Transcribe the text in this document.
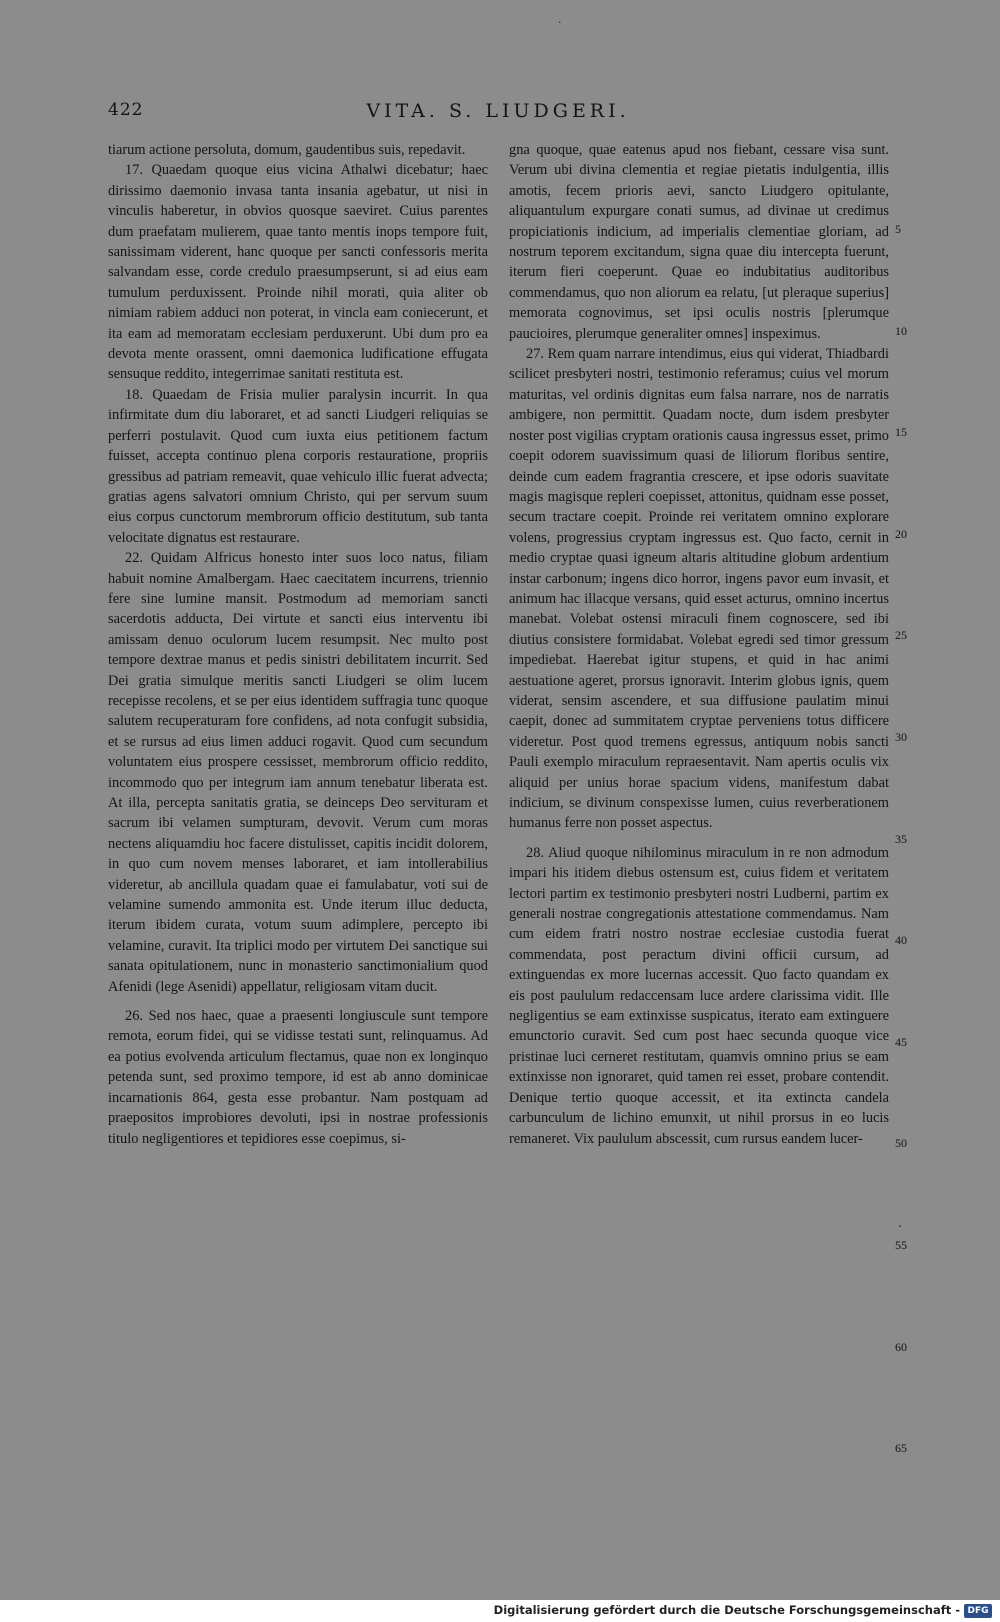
·
422	VITA. S. LIUDGERI.

tiarum actione persoluta, domum, gaudentibus suis, repedavit.

17. Quaedam quoque eius vicina Athalwi dicebatur; haec dirissimo daemonio invasa tanta insania agebatur, ut nisi in vinculis haberetur, in obvios quosque saeviret. Cuius parentes dum praefatam mulierem, quae tanto mentis inops tempore fuit, sanissimam viderent, hanc quoque per sancti confessoris merita salvandam esse, corde credulo praesumpserunt, si ad eius eam tumulum perduxissent. Proinde nihil morati, quia aliter ob nimiam rabiem adduci non poterat, in vincla eam coniecerunt, et ita eam ad memoratam ecclesiam perduxerunt. Ubi dum pro ea devota mente orassent, omni daemonica ludificatione effugata sensuque reddito, integerrimae sanitati restituta est.

18. Quaedam de Frisia mulier paralysin incurrit. In qua infirmitate dum diu laboraret, et ad sancti Liudgeri reliquias se perferri postulavit. Quod cum iuxta eius petitionem factum fuisset, accepta continuo plena corporis restauratione, propriis gressibus ad patriam remeavit, quae vehiculo illic fuerat advecta; gratias agens salvatori omnium Christo, qui per servum suum eius corpus cunctorum membrorum officio destitutum, sub tanta velocitate dignatus est restaurare.

22. Quidam Alfricus honesto inter suos loco natus, filiam habuit nomine Amalbergam. Haec caecitatem incurrens, triennio fere sine lumine mansit. Postmodum ad memoriam sancti sacerdotis adducta, Dei virtute et sancti eius interventu ibi amissam denuo oculorum lucem resumpsit. Nec multo post tempore dextrae manus et pedis sinistri debilitatem incurrit. Sed Dei gratia simulque meritis sancti Liudgeri se olim lucem recepisse recolens, et se per eius identidem suffragia tunc quoque salutem recuperaturam fore confidens, ad nota confugit subsidia, et se rursus ad eius limen adduci rogavit. Quod cum secundum voluntatem eius prospere cessisset, membrorum officio reddito, incommodo quo per integrum iam annum tenebatur liberata est. At illa, percepta sanitatis gratia, se deinceps Deo servituram et sacrum ibi velamen sumpturam, devovit. Verum cum moras nectens aliquamdiu hoc facere distulisset, capitis incidit dolorem, in quo cum novem menses laboraret, et iam intollerabilius videretur, ab ancillula quadam quae ei famulabatur, voti sui de velamine sumendo ammonita est. Unde iterum illuc deducta, iterum ibidem curata, votum suum adimplere, percepto ibi velamine, curavit. Ita triplici modo per virtutem Dei sanctique sui sanata opitulationem, nunc in monasterio sanctimonialium quod Afenidi (lege Asenidi) appellatur, religiosam vitam ducit.

26. Sed nos haec, quae a praesenti longiuscule sunt tempore remota, eorum fidei, qui se vidisse testati sunt, relinquamus. Ad ea potius evolvenda articulum flectamus, quae non ex longinquo petenda sunt, sed proximo tempore, id est ab anno dominicae incarnationis 864, gesta esse probantur. Nam postquam ad praepositos improbiores devoluti, ipsi in nostrae professionis titulo negligentiores et tepidiores esse coepimus, si-

gna quoque, quae eatenus apud nos fiebant, cessare visa sunt. Verum ubi divina clementia et regiae pietatis indulgentia, illis amotis, fecem prioris aevi, sancto Liudgero opitulante, aliquantulum expurgare conati sumus, ad divinae ut credimus propiciationis indicium, ad imperialis clementiae gloriam, ad nostrum teporem excitandum, signa quae diu intercepta fuerunt, iterum fieri coeperunt. Quae eo indubitatius auditoribus commendamus, quo non aliorum ea relatu, [ut pleraque superius] memorata cognovimus, set ipsi oculis nostris [plerumque paucioires, plerumque generaliter omnes] inspeximus.

27. Rem quam narrare intendimus, eius qui viderat, Thiadbardi scilicet presbyteri nostri, testimonio referamus; cuius vel morum maturitas, vel ordinis dignitas eum falsa narrare, nos de narratis ambigere, non permittit. Quadam nocte, dum isdem presbyter noster post vigilias cryptam orationis causa ingressus esset, primo coepit odorem suavissimum quasi de liliorum floribus sentire, deinde cum eadem fragrantia crescere, et ipse odoris suavitate magis magisque repleri coepisset, attonitus, quidnam esse posset, secum tractare coepit. Proinde rei veritatem omnino explorare volens, progressius cryptam ingressus est. Quo facto, cernit in medio cryptae quasi igneum altaris altitudine globum ardentium instar carbonum; ingens dico horror, ingens pavor eum invasit, et animum hac illacque versans, quid esset acturus, omnino incertus manebat. Volebat ostensi miraculi finem cognoscere, sed ibi diutius consistere formidabat. Volebat egredi sed timor gressum impediebat. Haerebat igitur stupens, et quid in hac animi aestuatione ageret, prorsus ignoravit. Interim globus ignis, quem viderat, sensim ascendere, et sua diffusione paulatim minui caepit, donec ad summitatem cryptae perveniens totus difficere videretur. Post quod tremens egressus, antiquum nobis sancti Pauli exemplo miraculum repraesentavit. Nam apertis oculis vix aliquid per unius horae spacium videns, manifestum dabat indicium, se divinum conspexisse lumen, cuius reverberationem humanus ferre non posset aspectus.

28. Aliud quoque nihilominus miraculum in re non admodum impari his itidem diebus ostensum est, cuius fidem et veritatem lectori partim ex testimonio presbyteri nostri Ludberni, partim ex generali nostrae congregationis attestatione commendamus. Nam cum eidem fratri nostro nostrae ecclesiae custodia fuerat commendata, post peractum divini officii cursum, ad extinguendas ex more lucernas accessit. Quo facto quandam ex eis post paululum redaccensam luce ardere clarissima vidit. Ille negligentius se eam extinxisse suspicatus, iterato eam extinguere emunctorio curavit. Sed cum post haec secunda quoque vice pristinae luci cerneret restitutam, quamvis omnino prius se eam extinxisse non ignoraret, quid tamen rei esset, probare contendit. Denique tertio quoque accessit, et ita extincta candela carbunculum de lichino emunxit, ut nihil prorsus in eo lucis remaneret. Vix paululum abscessit, cum rursus eandem lucer-

5
10
15
20
25
30
35
40
45
50
55
60
65
.
Digitalisierung gefördert durch die Deutsche Forschungsgemeinschaft - DFG
